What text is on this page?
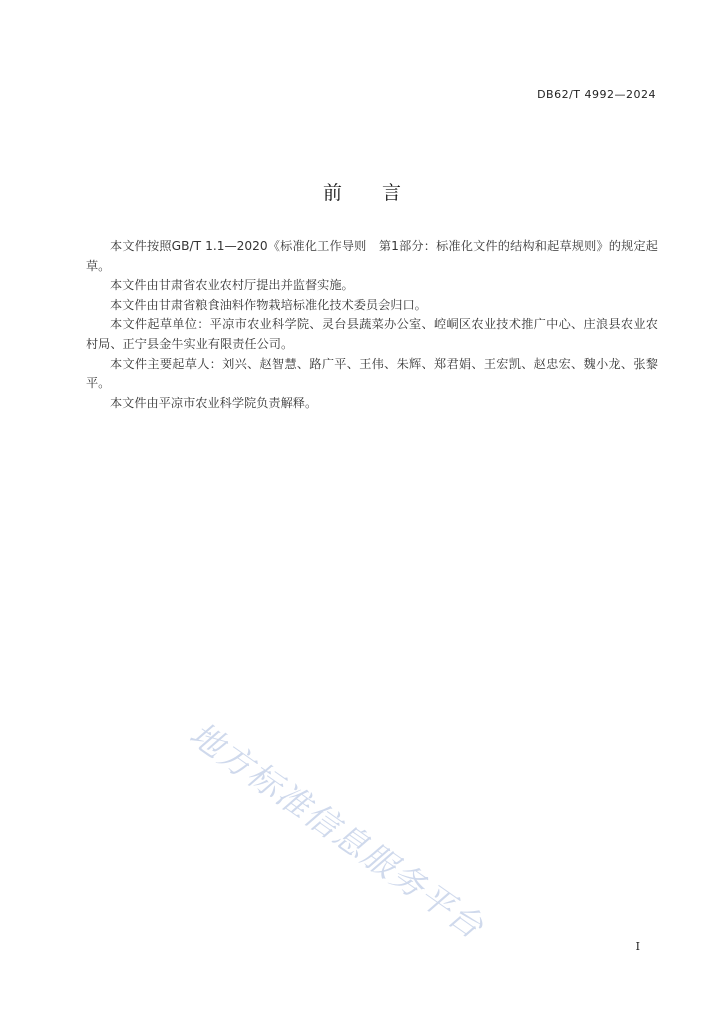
DB62/T 4992—2024
前 言

本文件按照GB/T 1.1—2020《标准化工作导则　第1部分：标准化文件的结构和起草规则》的规定起草。

本文件由甘肃省农业农村厅提出并监督实施。

本文件由甘肃省粮食油料作物栽培标准化技术委员会归口。

本文件起草单位：平凉市农业科学院、灵台县蔬菜办公室、崆峒区农业技术推广中心、庄浪县农业农村局、正宁县金牛实业有限责任公司。

本文件主要起草人：刘兴、赵智慧、路广平、王伟、朱辉、郑君娟、王宏凯、赵忠宏、魏小龙、张黎平。

本文件由平凉市农业科学院负责解释。

地方标准信息服务平台	I
